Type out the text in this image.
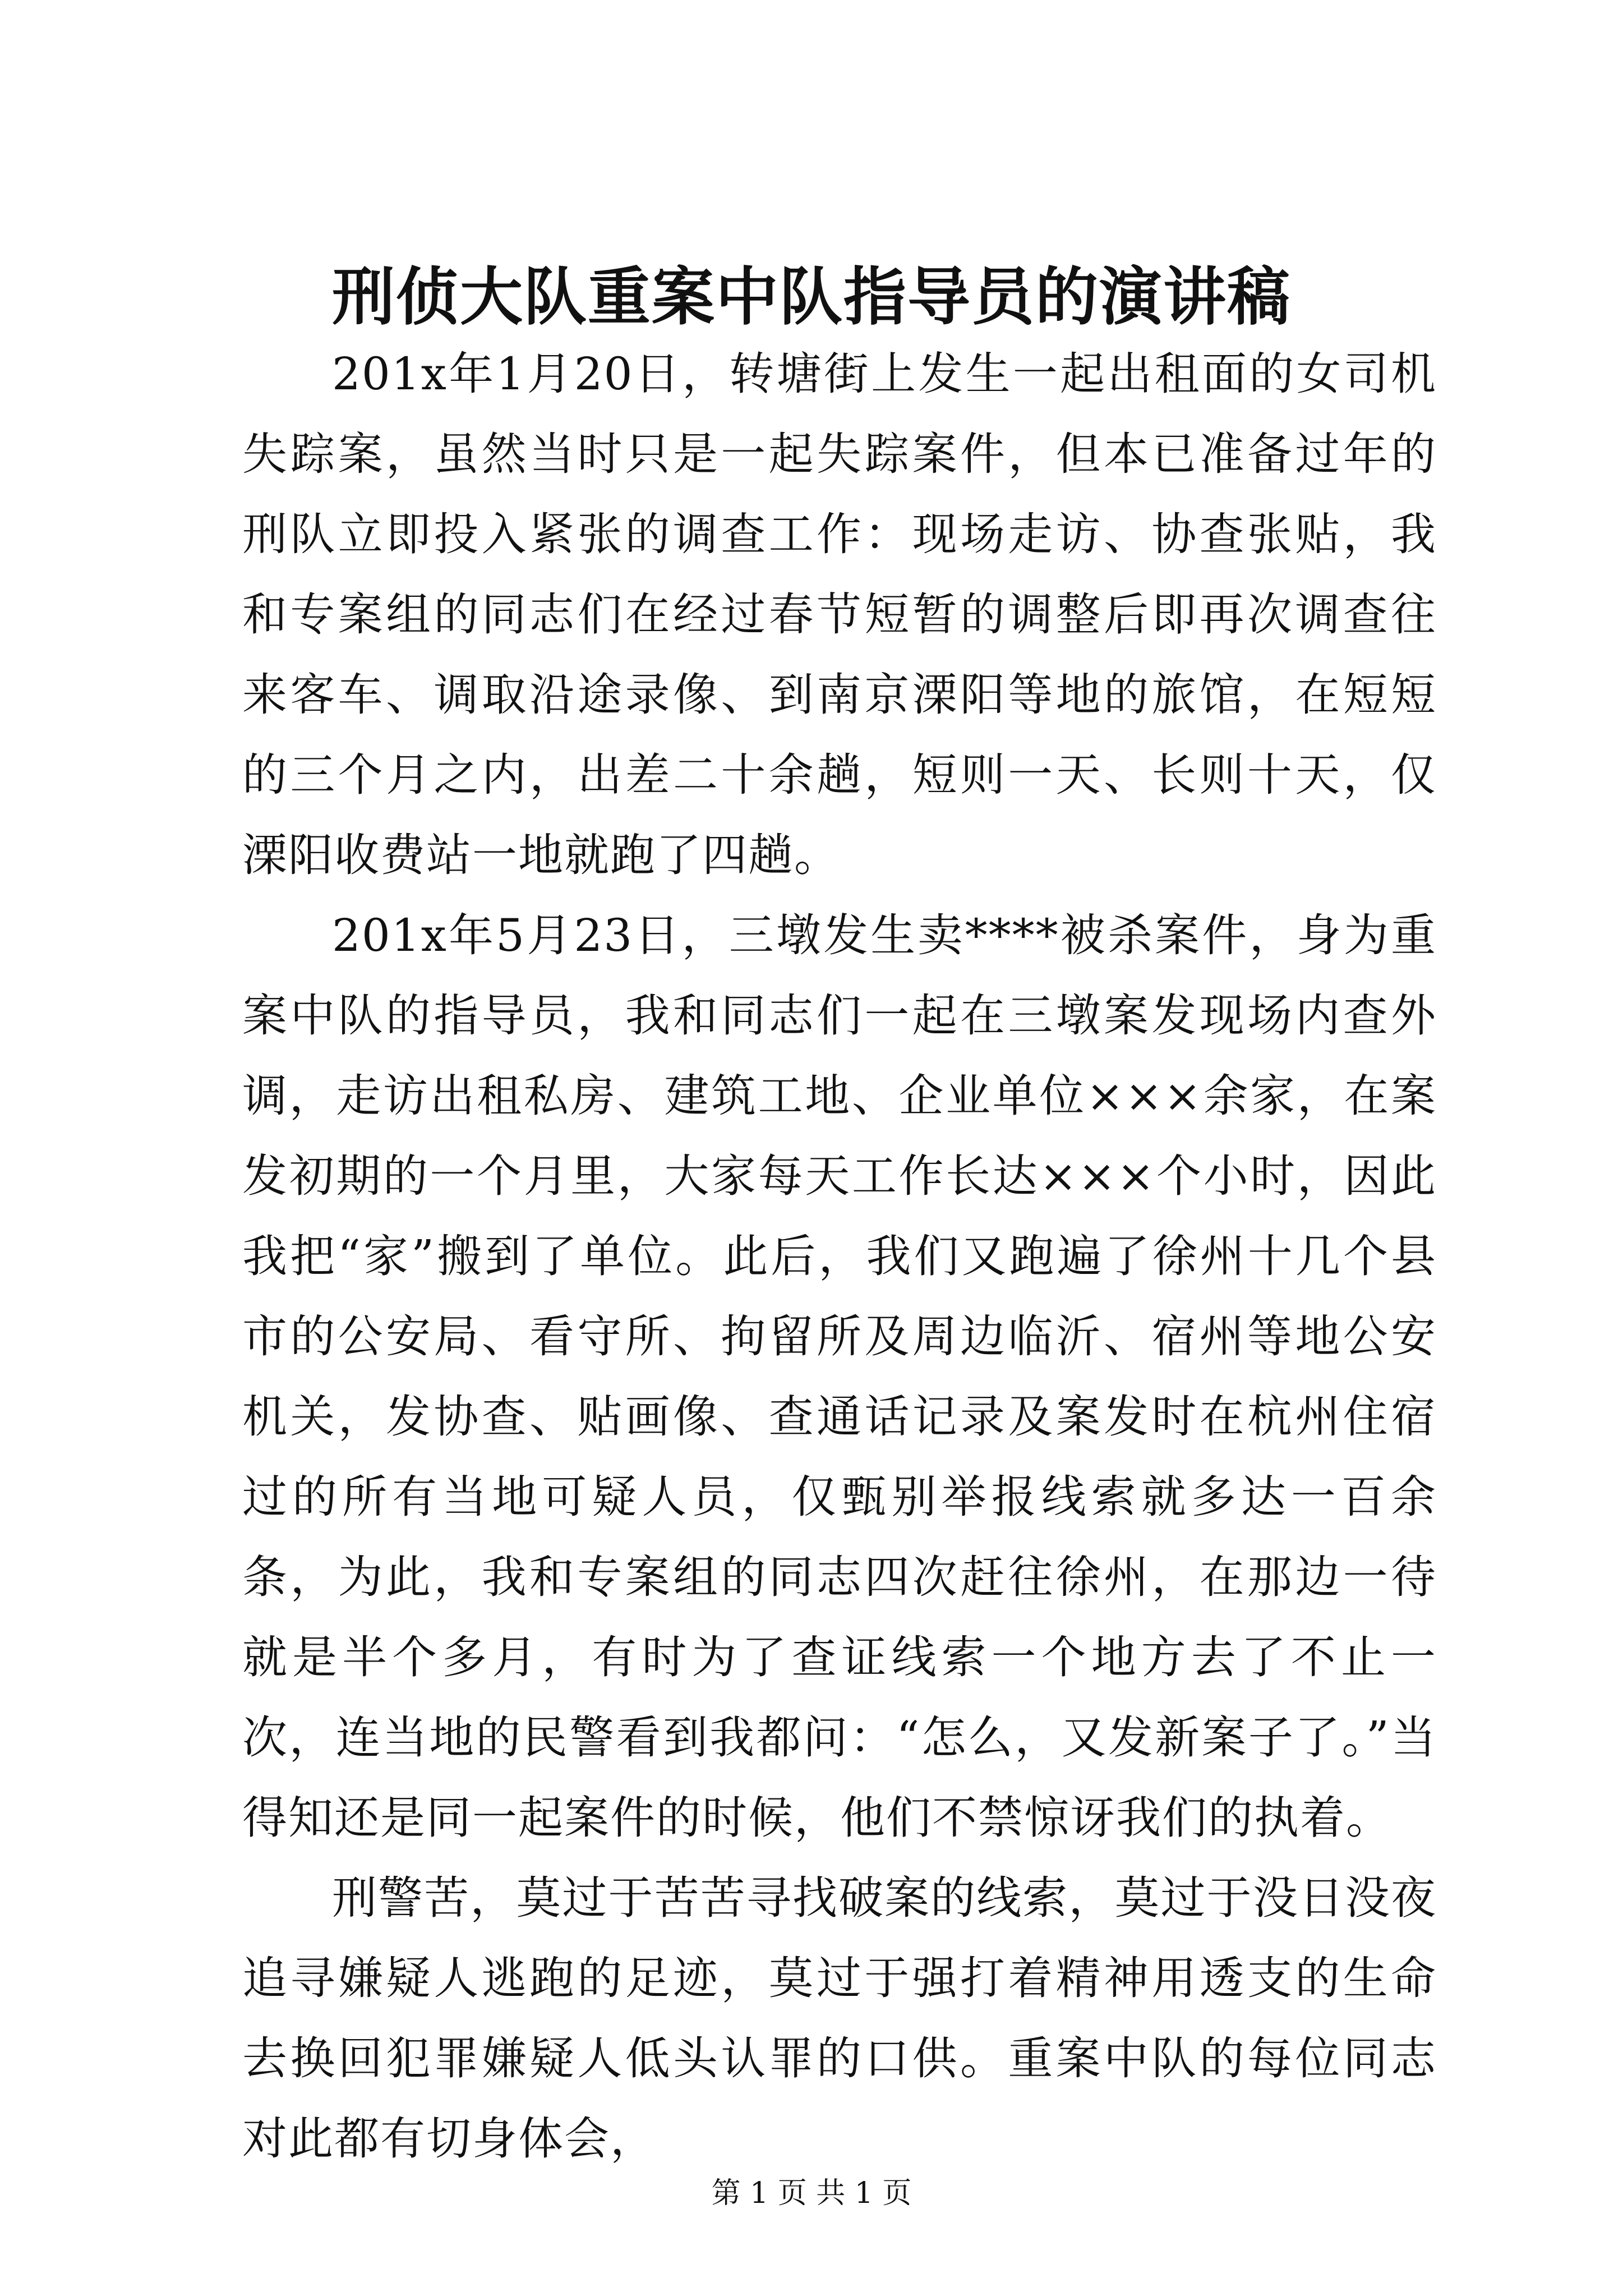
刑侦大队重案中队指导员的演讲稿

201x年1月20日，转塘街上发生一起出租面的女司机失踪案，虽然当时只是一起失踪案件，但本已准备过年的刑队立即投入紧张的调查工作：现场走访、协查张贴，我和专案组的同志们在经过春节短暂的调整后即再次调查往来客车、调取沿途录像、到南京溧阳等地的旅馆，在短短的三个月之内，出差二十余趟，短则一天、长则十天，仅溧阳收费站一地就跑了四趟。

201x年5月23日，三墩发生卖****被杀案件，身为重案中队的指导员，我和同志们一起在三墩案发现场内查外调，走访出租私房、建筑工地、企业单位×××余家，在案发初期的一个月里，大家每天工作长达×××个小时，因此我把“家”搬到了单位。此后，我们又跑遍了徐州十几个县市的公安局、看守所、拘留所及周边临沂、宿州等地公安机关，发协查、贴画像、查通话记录及案发时在杭州住宿过的所有当地可疑人员，仅甄别举报线索就多达一百余条，为此，我和专案组的同志四次赶往徐州，在那边一待就是半个多月，有时为了查证线索一个地方去了不止一次，连当地的民警看到我都问：“怎么，又发新案子了。”当得知还是同一起案件的时候，他们不禁惊讶我们的执着。

刑警苦，莫过于苦苦寻找破案的线索，莫过于没日没夜追寻嫌疑人逃跑的足迹，莫过于强打着精神用透支的生命去换回犯罪嫌疑人低头认罪的口供。重案中队的每位同志对此都有切身体会，

第 1 页 共 1 页
